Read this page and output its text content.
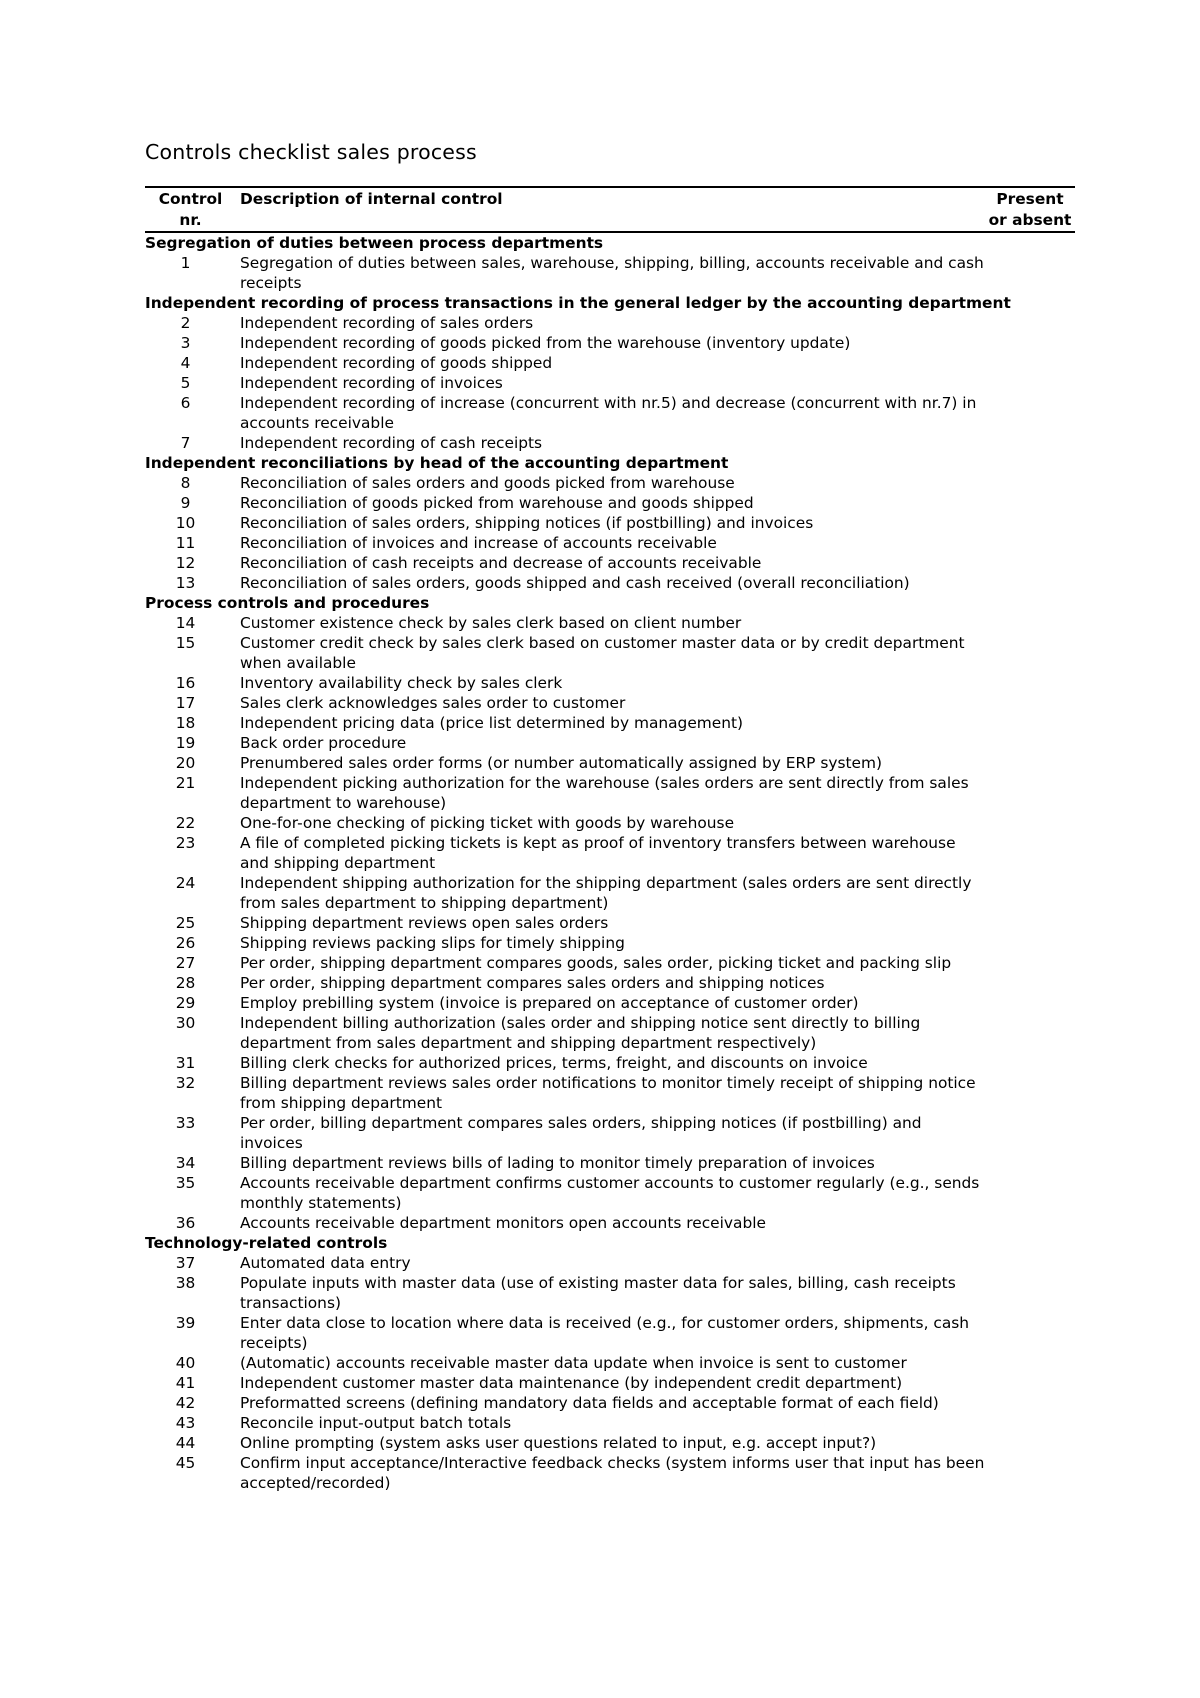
Controls checklist sales process
Control nr.	Description of internal control	Present or absent
Segregation of duties between process departments		
1	Segregation of duties between sales, warehouse, shipping, billing, accounts receivable and cash receipts	
Independent recording of process transactions in the general ledger by the accounting department		
2	Independent recording of sales orders	
3	Independent recording of goods picked from the warehouse (inventory update)	
4	Independent recording of goods shipped	
5	Independent recording of invoices	
6	Independent recording of increase (concurrent with nr.5) and decrease (concurrent with nr.7) in accounts receivable	
7	Independent recording of cash receipts	
Independent reconciliations by head of the accounting department		
8	Reconciliation of sales orders and goods picked from warehouse	
9	Reconciliation of goods picked from warehouse and goods shipped	
10	Reconciliation of sales orders, shipping notices (if postbilling) and invoices	
11	Reconciliation of invoices and increase of accounts receivable	
12	Reconciliation of cash receipts and decrease of accounts receivable	
13	Reconciliation of sales orders, goods shipped and cash received (overall reconciliation)	
Process controls and procedures		
14	Customer existence check by sales clerk based on client number	
15	Customer credit check by sales clerk based on customer master data or by credit department when available	
16	Inventory availability check by sales clerk	
17	Sales clerk acknowledges sales order to customer	
18	Independent pricing data (price list determined by management)	
19	Back order procedure	
20	Prenumbered sales order forms (or number automatically assigned by ERP system)	
21	Independent picking authorization for the warehouse (sales orders are sent directly from sales department to warehouse)	
22	One-for-one checking of picking ticket with goods by warehouse	
23	A file of completed picking tickets is kept as proof of inventory transfers between warehouse and shipping department	
24	Independent shipping authorization for the shipping department (sales orders are sent directly from sales department to shipping department)	
25	Shipping department reviews open sales orders	
26	Shipping reviews packing slips for timely shipping	
27	Per order, shipping department compares goods, sales order, picking ticket and packing slip	
28	Per order, shipping department compares sales orders and shipping notices	
29	Employ prebilling system (invoice is prepared on acceptance of customer order)	
30	Independent billing authorization (sales order and shipping notice sent directly to billing department from sales department and shipping department respectively)	
31	Billing clerk checks for authorized prices, terms, freight, and discounts on invoice	
32	Billing department reviews sales order notifications to monitor timely receipt of shipping notice from shipping department	
33	Per order, billing department compares sales orders, shipping notices (if postbilling) and invoices	
34	Billing department reviews bills of lading to monitor timely preparation of invoices	
35	Accounts receivable department confirms customer accounts to customer regularly (e.g., sends monthly statements)	
36	Accounts receivable department monitors open accounts receivable	
Technology-related controls		
37	Automated data entry	
38	Populate inputs with master data (use of existing master data for sales, billing, cash receipts transactions)	
39	Enter data close to location where data is received (e.g., for customer orders, shipments, cash receipts)	
40	(Automatic) accounts receivable master data update when invoice is sent to customer	
41	Independent customer master data maintenance (by independent credit department)	
42	Preformatted screens (defining mandatory data fields and acceptable format of each field)	
43	Reconcile input-output batch totals	
44	Online prompting (system asks user questions related to input, e.g. accept input?)	
45	Confirm input acceptance/Interactive feedback checks (system informs user that input has been accepted/recorded)	
